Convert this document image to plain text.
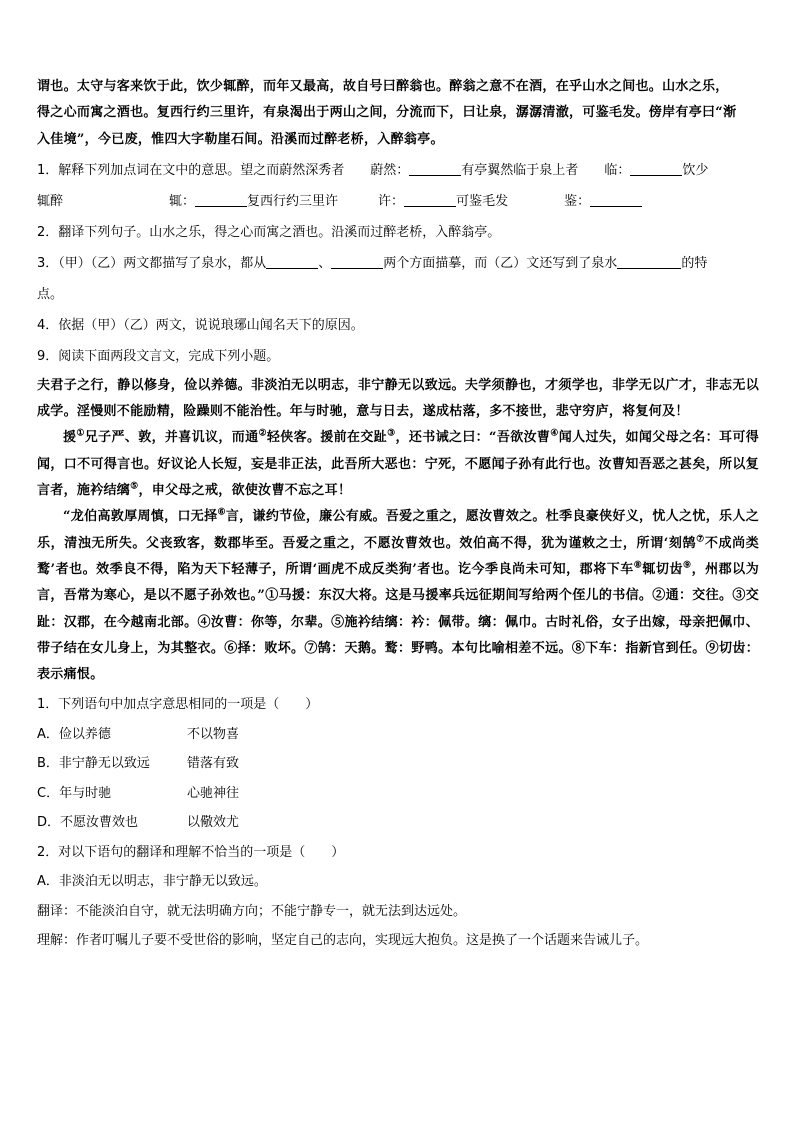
谓也。太守与客来饮于此，饮少辄醉，而年又最高，故自号曰醉翁也。醉翁之意不在酒，在乎山水之间也。山水之乐，

得之心而寓之酒也。复西行约三里许，有泉渴出于两山之间，分流而下，曰让泉，潺潺清澈，可鉴毛发。傍岸有亭曰“渐

入佳境”，今已废，惟四大字勒崖石间。沿溪而过醉老桥，入醉翁亭。

1．解释下列加点词在文中的意思。望之而蔚然深秀者 蔚然：	有亭翼然临于泉上者 临：	饮少

辄醉	辄：	复西行约三里许	许：	可鉴毛发	鉴：

2．翻译下列句子。山水之乐，得之心而寓之酒也。沿溪而过醉老桥，入醉翁亭。

3．（甲）（乙）两文都描写了泉水，都从	、	两个方面描摹，而（乙）文还写到了泉水	的特

点。

4．依据（甲）（乙）两文，说说琅琊山闻名天下的原因。

9．阅读下面两段文言文，完成下列小题。

夫君子之行，静以修身，俭以养德。非淡泊无以明志，非宁静无以致远。夫学须静也，才须学也，非学无以广才，非志无以成学。淫慢则不能励精，险躁则不能治性。年与时驰，意与日去，遂成枯落，多不接世，悲守穷庐，将复何及！

援①兄子严、敦，并喜讥议，而通②轻侠客。援前在交趾③，还书诫之曰：“吾欲汝曹④闻人过失，如闻父母之名：耳可得闻，口不可得言也。好议论人长短，妄是非正法，此吾所大恶也：宁死，不愿闻子孙有此行也。汝曹知吾恶之甚矣，所以复言者，施衿结缡⑤，申父母之戒，欲使汝曹不忘之耳！

“龙伯高敦厚周慎，口无择⑥言，谦约节俭，廉公有威。吾爱之重之，愿汝曹效之。杜季良豪侠好义，忧人之忧，乐人之乐，清浊无所失。父丧致客，数郡毕至。吾爱之重之，不愿汝曹效也。效伯高不得，犹为谨敕之士，所谓‘刻鹄⑦不成尚类鹜’者也。效季良不得，陷为天下轻薄子，所谓‘画虎不成反类狗’者也。讫今季良尚未可知，郡将下车⑧辄切齿⑨，州郡以为言，吾常为寒心，是以不愿子孙效也。”①马援：东汉大将。这是马援率兵远征期间写给两个侄儿的书信。②通：交往。③交趾：汉郡，在今越南北部。④汝曹：你等，尔辈。⑤施衿结缡：衿：佩带。缡：佩巾。古时礼俗，女子出嫁，母亲把佩巾、带子结在女儿身上，为其整衣。⑥择：败坏。⑦鹄：天鹅。鹜：野鸭。本句比喻相差不远。⑧下车：指新官到任。⑨切齿：表示痛恨。

1．下列语句中加点字意思相同的一项是（　　）

A．俭以养德	不以物喜
B．非宁静无以致远	错落有致
C．年与时驰	心驰神往
D．不愿汝曹效也	以儆效尤

2．对以下语句的翻译和理解不恰当的一项是（　　）

A．非淡泊无以明志，非宁静无以致远。

翻译：不能淡泊自守，就无法明确方向；不能宁静专一，就无法到达远处。

理解：作者叮嘱儿子要不受世俗的影响，坚定自己的志向，实现远大抱负。这是换了一个话题来告诫儿子。
